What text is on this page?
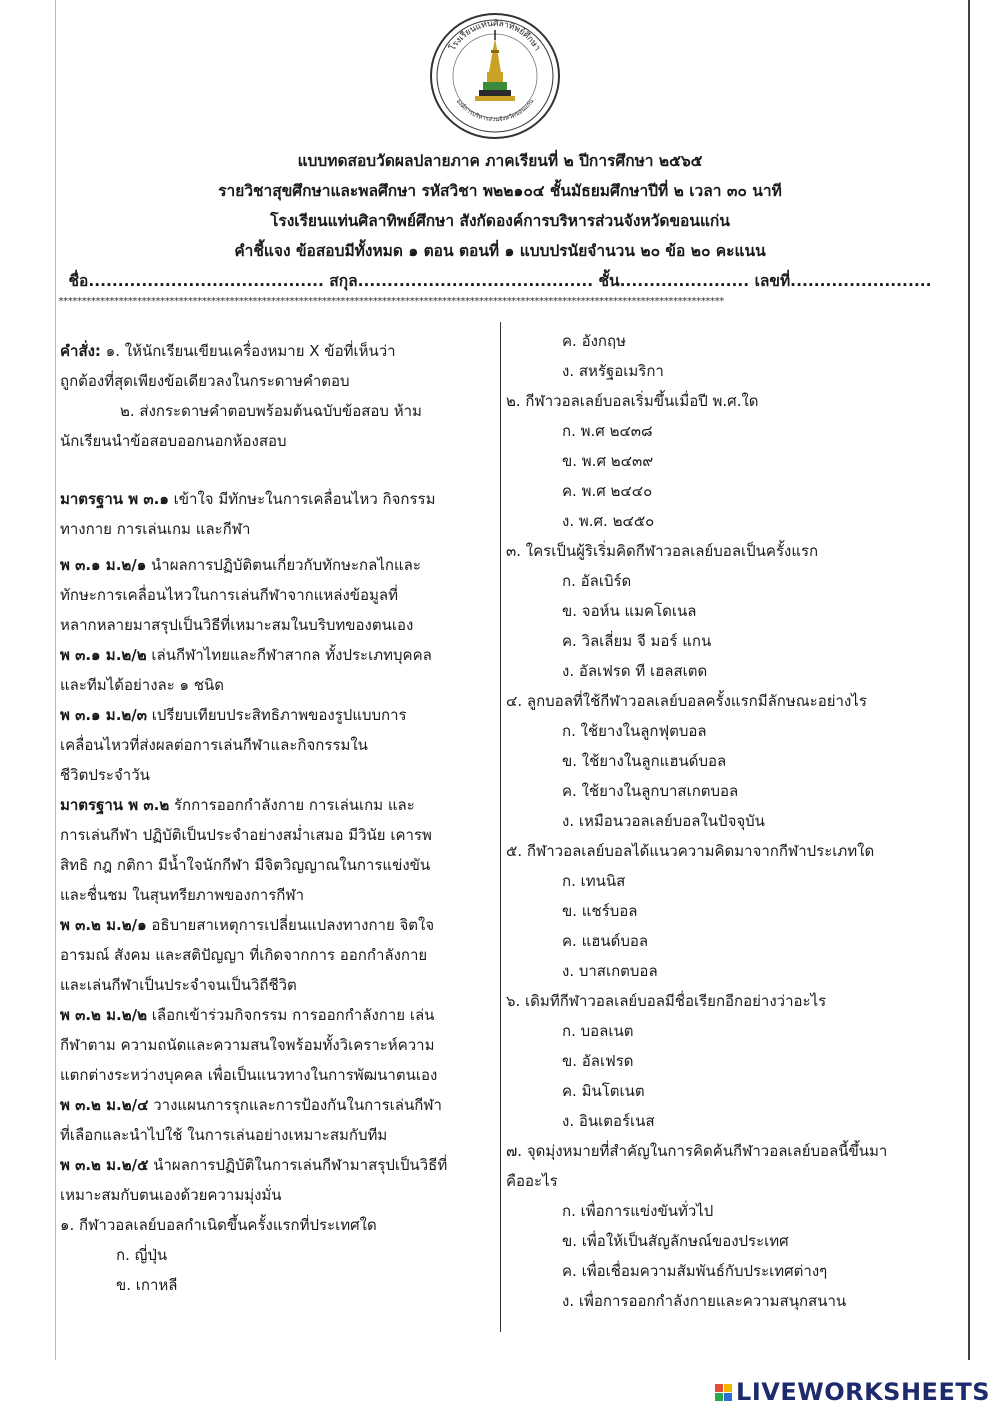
โรงเรียนแท่นศิลาทิพย์ศึกษา
องค์การบริหารส่วนจังหวัดขอนแก่น
แบบทดสอบวัดผลปลายภาค ภาคเรียนที่ ๒ ปีการศึกษา ๒๕๖๕
รายวิชาสุขศึกษาและพลศึกษา รหัสวิชา พ๒๒๑๐๔ ชั้นมัธยมศึกษาปีที่ ๒ เวลา ๓๐ นาที
โรงเรียนแท่นศิลาทิพย์ศึกษา สังกัดองค์การบริหารส่วนจังหวัดขอนแก่น
คำชี้แจง ข้อสอบมีทั้งหมด ๑ ตอน ตอนที่ ๑ แบบปรนัยจำนวน ๒๐ ข้อ ๒๐ คะแนน
ชื่อ........................................ สกุล........................................ ชั้น...................... เลขที่........................
************************************************************************************************************************************************

คำสั่ง: ๑. ให้นักเรียนเขียนเครื่องหมาย X ข้อที่เห็นว่า

ถูกต้องที่สุดเพียงข้อเดียวลงในกระดาษคำตอบ

๒. ส่งกระดาษคำตอบพร้อมต้นฉบับข้อสอบ ห้าม

นักเรียนนำข้อสอบออกนอกห้องสอบ

มาตรฐาน พ ๓.๑ เข้าใจ มีทักษะในการเคลื่อนไหว กิจกรรม

ทางกาย การเล่นเกม และกีฬา

พ ๓.๑ ม.๒/๑ นำผลการปฏิบัติตนเกี่ยวกับทักษะกลไกและ

ทักษะการเคลื่อนไหวในการเล่นกีฬาจากแหล่งข้อมูลที่

หลากหลายมาสรุปเป็นวิธีที่เหมาะสมในบริบทของตนเอง

พ ๓.๑ ม.๒/๒ เล่นกีฬาไทยและกีฬาสากล ทั้งประเภทบุคคล

และทีมได้อย่างละ ๑ ชนิด

พ ๓.๑ ม.๒/๓ เปรียบเทียบประสิทธิภาพของรูปแบบการ

เคลื่อนไหวที่ส่งผลต่อการเล่นกีฬาและกิจกรรมใน

ชีวิตประจำวัน

มาตรฐาน พ ๓.๒ รักการออกกำลังกาย การเล่นเกม และ

การเล่นกีฬา ปฏิบัติเป็นประจำอย่างสม่ำเสมอ มีวินัย เคารพ

สิทธิ กฎ กติกา มีน้ำใจนักกีฬา มีจิตวิญญาณในการแข่งขัน

และชื่นชม ในสุนทรียภาพของการกีฬา

พ ๓.๒ ม.๒/๑ อธิบายสาเหตุการเปลี่ยนแปลงทางกาย จิตใจ

อารมณ์ สังคม และสติปัญญา ที่เกิดจากการ ออกกำลังกาย

และเล่นกีฬาเป็นประจำจนเป็นวิถีชีวิต

พ ๓.๒ ม.๒/๒ เลือกเข้าร่วมกิจกรรม การออกกำลังกาย เล่น

กีฬาตาม ความถนัดและความสนใจพร้อมทั้งวิเคราะห์ความ

แตกต่างระหว่างบุคคล เพื่อเป็นแนวทางในการพัฒนาตนเอง

พ ๓.๒ ม.๒/๔ วางแผนการรุกและการป้องกันในการเล่นกีฬา

ที่เลือกและนำไปใช้ ในการเล่นอย่างเหมาะสมกับทีม

พ ๓.๒ ม.๒/๕ นำผลการปฏิบัติในการเล่นกีฬามาสรุปเป็นวิธีที่

เหมาะสมกับตนเองด้วยความมุ่งมั่น

๑. กีฬาวอลเลย์บอลกำเนิดขึ้นครั้งแรกที่ประเทศใด

ก. ญี่ปุ่น

ข. เกาหลี

ค. อังกฤษ

ง. สหรัฐอเมริกา

๒. กีฬาวอลเลย์บอลเริ่มขึ้นเมื่อปี พ.ศ.ใด

ก. พ.ศ ๒๔๓๘

ข. พ.ศ ๒๔๓๙

ค. พ.ศ ๒๔๔๐

ง. พ.ศ. ๒๔๕๐

๓. ใครเป็นผู้ริเริ่มคิดกีฬาวอลเลย์บอลเป็นครั้งแรก

ก. อัลเบิร์ด

ข. จอห์น แมคโดเนล

ค. วิลเลี่ยม จี มอร์ แกน

ง. อัลเฟรด ที เฮลสเตด

๔. ลูกบอลที่ใช้กีฬาวอลเลย์บอลครั้งแรกมีลักษณะอย่างไร

ก. ใช้ยางในลูกฟุตบอล

ข. ใช้ยางในลูกแฮนด์บอล

ค. ใช้ยางในลูกบาสเกตบอล

ง. เหมือนวอลเลย์บอลในปัจจุบัน

๕. กีฬาวอลเลย์บอลได้แนวความคิดมาจากกีฬาประเภทใด

ก. เทนนิส

ข. แชร์บอล

ค. แฮนด์บอล

ง. บาสเกตบอล

๖. เดิมทีกีฬาวอลเลย์บอลมีชื่อเรียกอีกอย่างว่าอะไร

ก. บอลเนต

ข. อัลเฟรด

ค. มินโตเนต

ง. อินเตอร์เนส

๗. จุดมุ่งหมายที่สำคัญในการคิดค้นกีฬาวอลเลย์บอลนี้ขึ้นมา

คืออะไร

ก. เพื่อการแข่งขันทั่วไป

ข. เพื่อให้เป็นสัญลักษณ์ของประเทศ

ค. เพื่อเชื่อมความสัมพันธ์กับประเทศต่างๆ

ง. เพื่อการออกกำลังกายและความสนุกสนาน

LIVEWORKSHEETS
